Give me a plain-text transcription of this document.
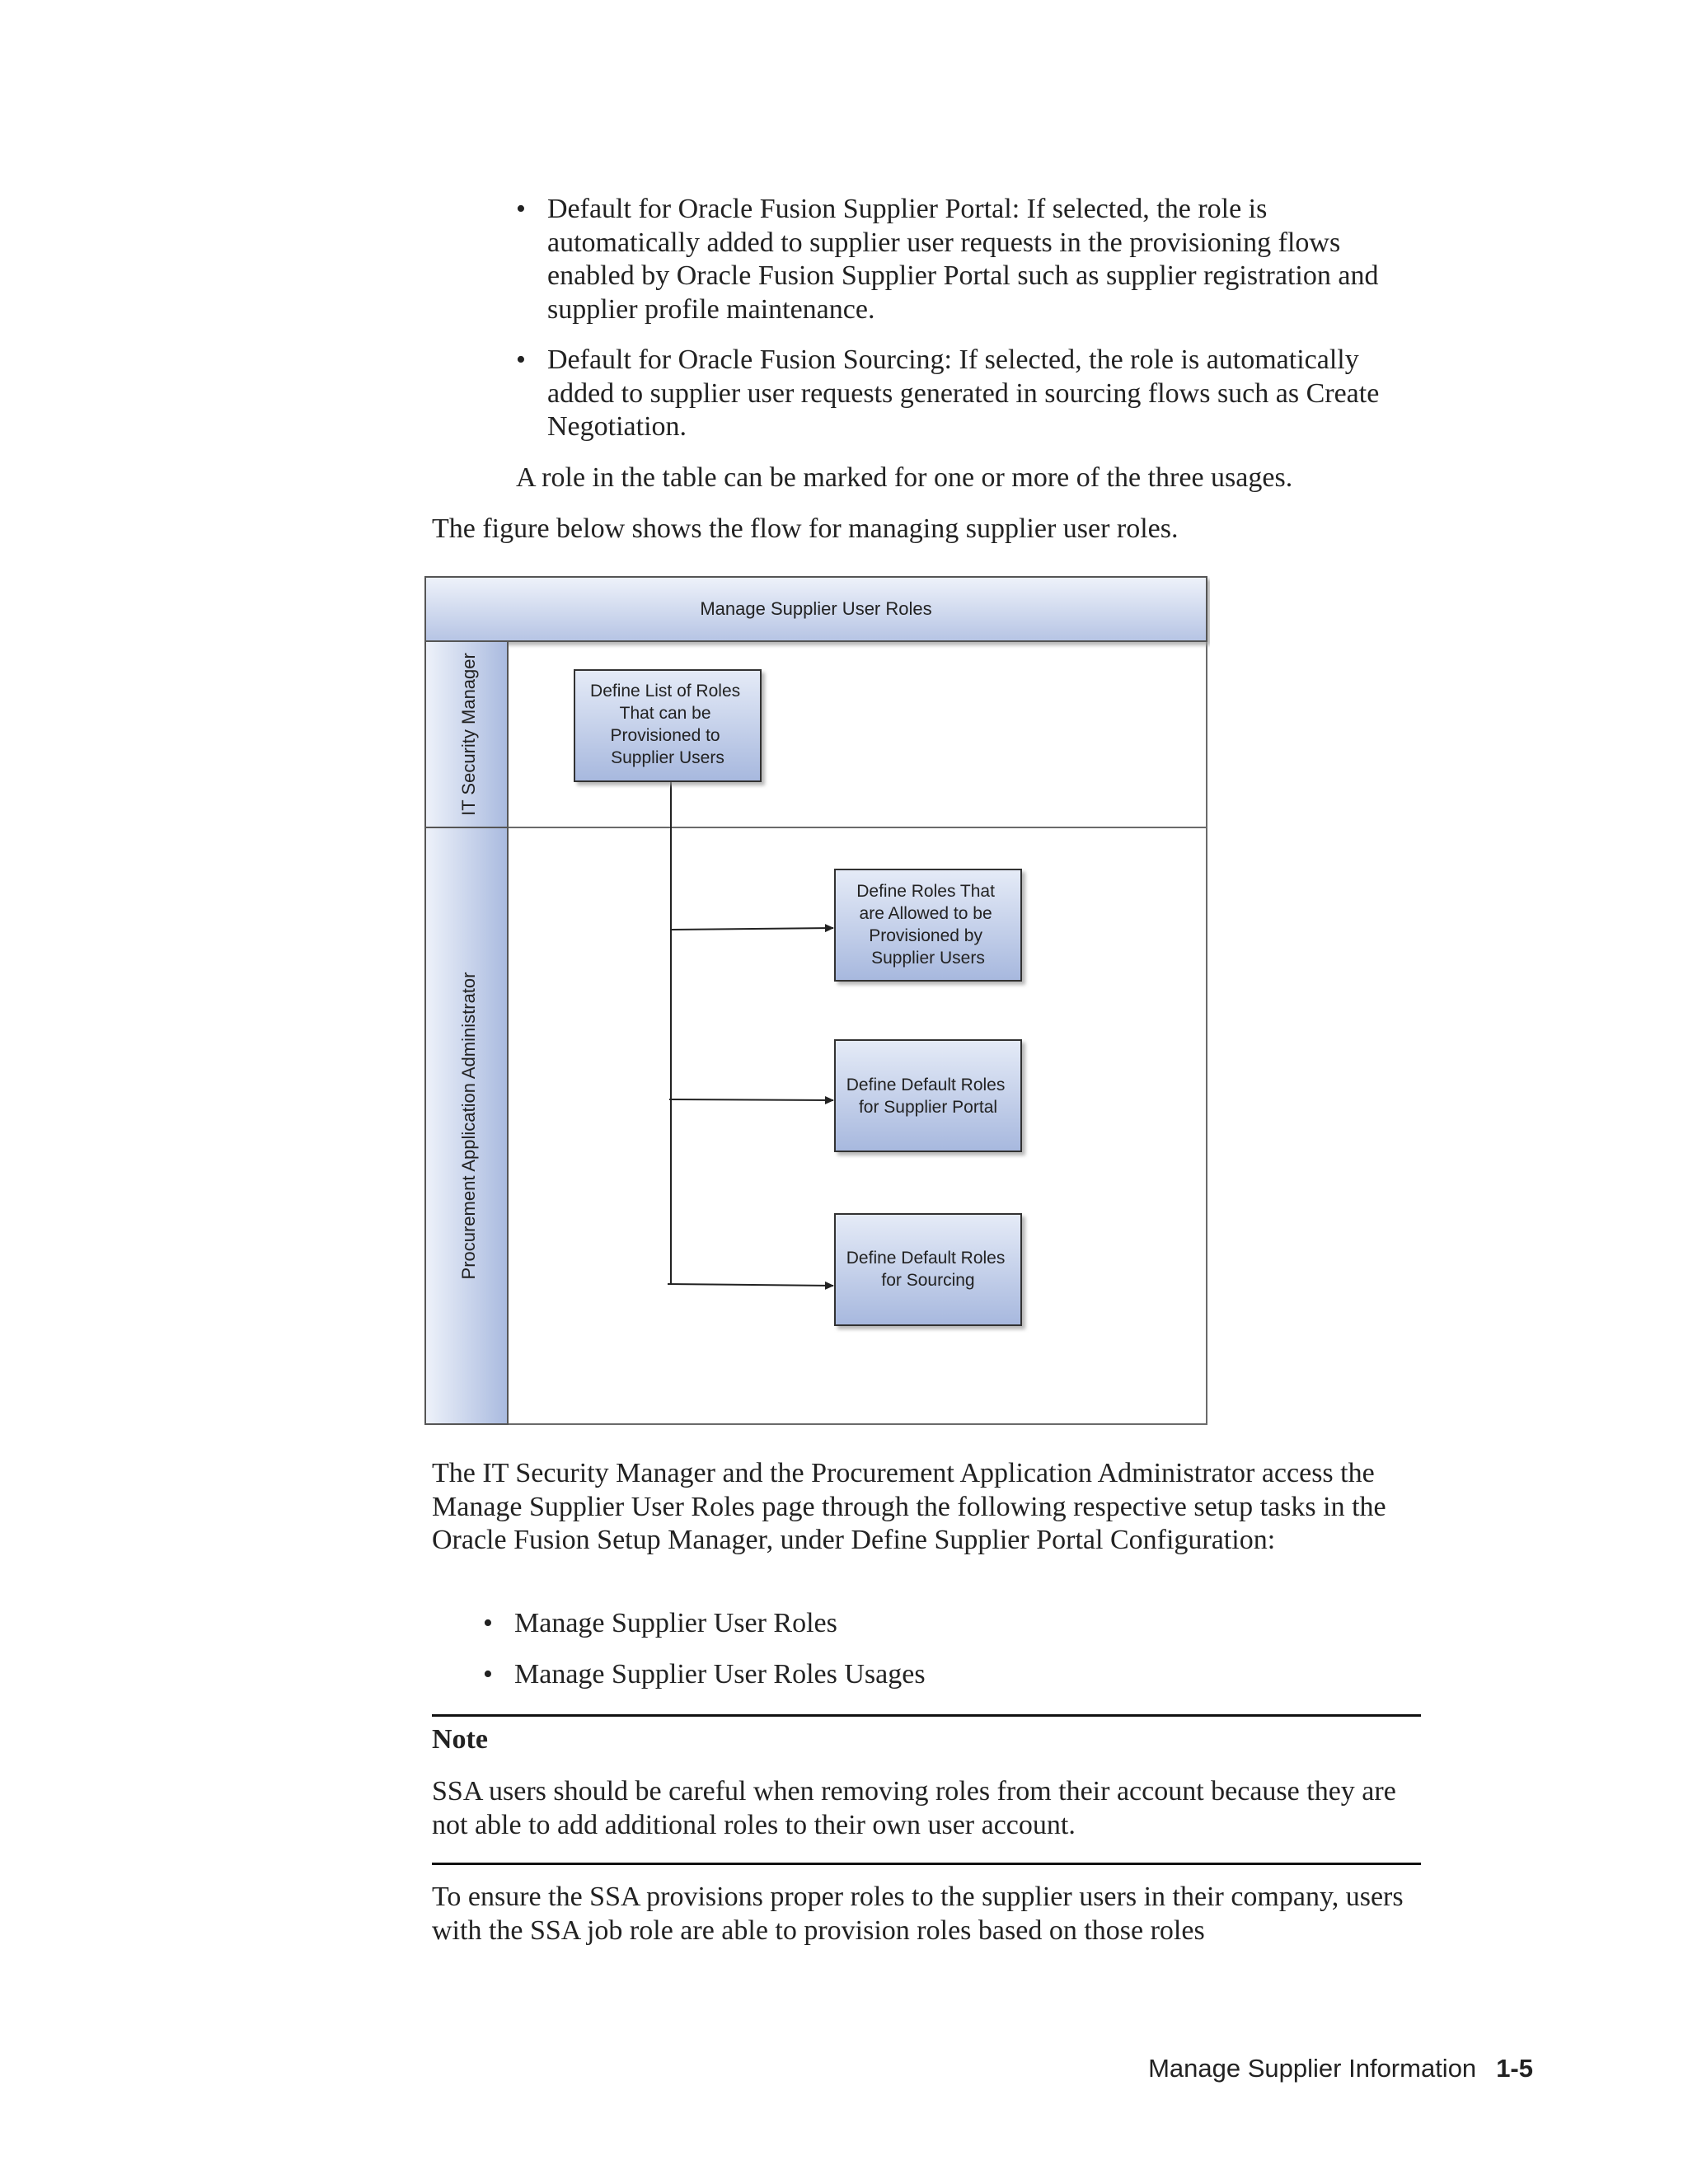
• Default for Oracle Fusion Supplier Portal: If selected, the role is automatically added to supplier user requests in the provisioning flows enabled by Oracle Fusion Supplier Portal such as supplier registration and supplier profile maintenance.
• Default for Oracle Fusion Sourcing: If selected, the role is automatically added to supplier user requests generated in sourcing flows such as Create Negotiation.

A role in the table can be marked for one or more of the three usages.

The figure below shows the flow for managing supplier user roles.

Manage Supplier User Roles
IT Security Manager
Procurement Application Administrator
Define List of Roles That can be Provisioned to Supplier Users
Define Roles That are Allowed to be Provisioned by Supplier Users
Define Default Roles for Supplier Portal
Define Default Roles for Sourcing

The IT Security Manager and the Procurement Application Administrator access the Manage Supplier User Roles page through the following respective setup tasks in the Oracle Fusion Setup Manager, under Define Supplier Portal Configuration:

• Manage Supplier User Roles
• Manage Supplier User Roles Usages
Note

SSA users should be careful when removing roles from their account because they are not able to add additional roles to their own user account.

To ensure the SSA provisions proper roles to the supplier users in their company, users with the SSA job role are able to provision roles based on those roles

Manage Supplier Information 1-5
